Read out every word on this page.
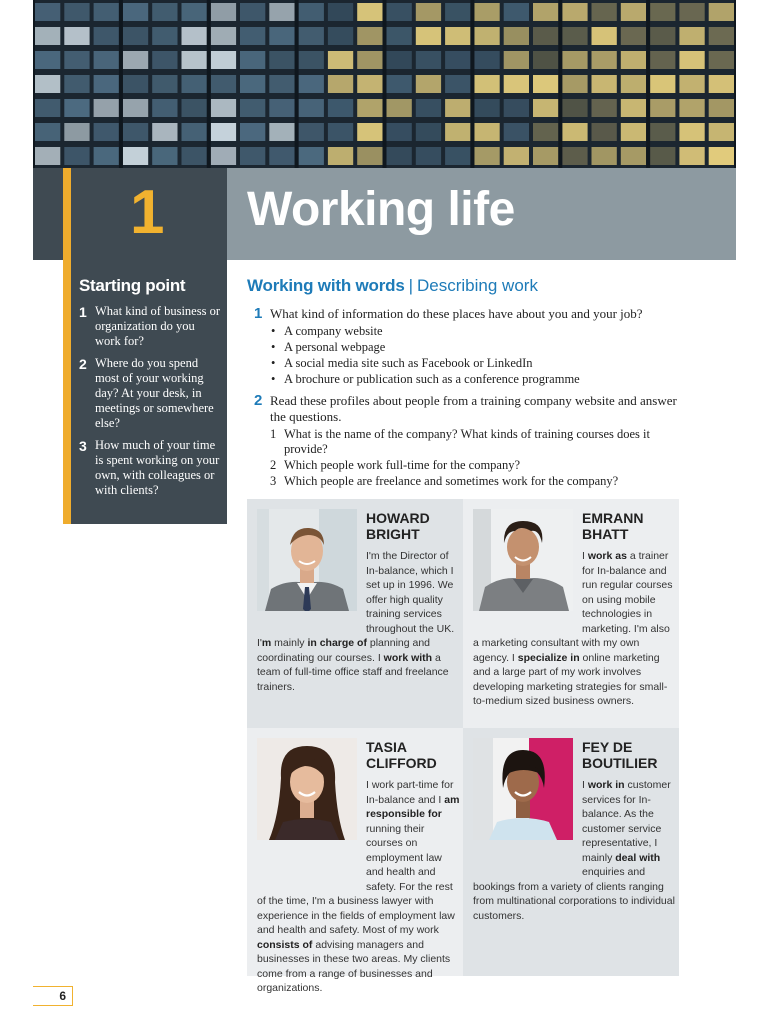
1 Working life
Starting point
1 What kind of business or organization do you work for?
2 Where do you spend most of your working day? At your desk, in meetings or somewhere else?
3 How much of your time is spent working on your own, with colleagues or with clients?
Working with words | Describing work
1 What kind of information do these places have about you and your job?
• A company website
• A personal webpage
• A social media site such as Facebook or LinkedIn
• A brochure or publication such as a conference programme
2 Read these profiles about people from a training company website and answer the questions.
1 What is the name of the company? What kinds of training courses does it provide?
2 Which people work full-time for the company?
3 Which people are freelance and sometimes work for the company?
HOWARD
BRIGHT
I'm the Director of In-balance, which I set up in 1996. We offer high quality training services throughout the UK. I'm mainly in charge of planning and coordinating our courses. I work with a team of full-time office staff and freelance trainers.
EMRANN
BHATT
I work as a trainer for In-balance and run regular courses on using mobile technologies in marketing. I'm also a marketing consultant with my own agency. I specialize in online marketing and a large part of my work involves developing marketing strategies for small-to-medium sized business owners.
TASIA
CLIFFORD
I work part-time for In-balance and I am responsible for running their courses on employment law and health and safety. For the rest of the time, I'm a business lawyer with experience in the fields of employment law and health and safety. Most of my work consists of advising managers and businesses in these two areas. My clients come from a range of businesses and organizations.
FEY DE
BOUTILIER
I work in customer services for In-balance. As the customer service representative, I mainly deal with enquiries and bookings from a variety of clients ranging from multinational corporations to individual customers.
6
